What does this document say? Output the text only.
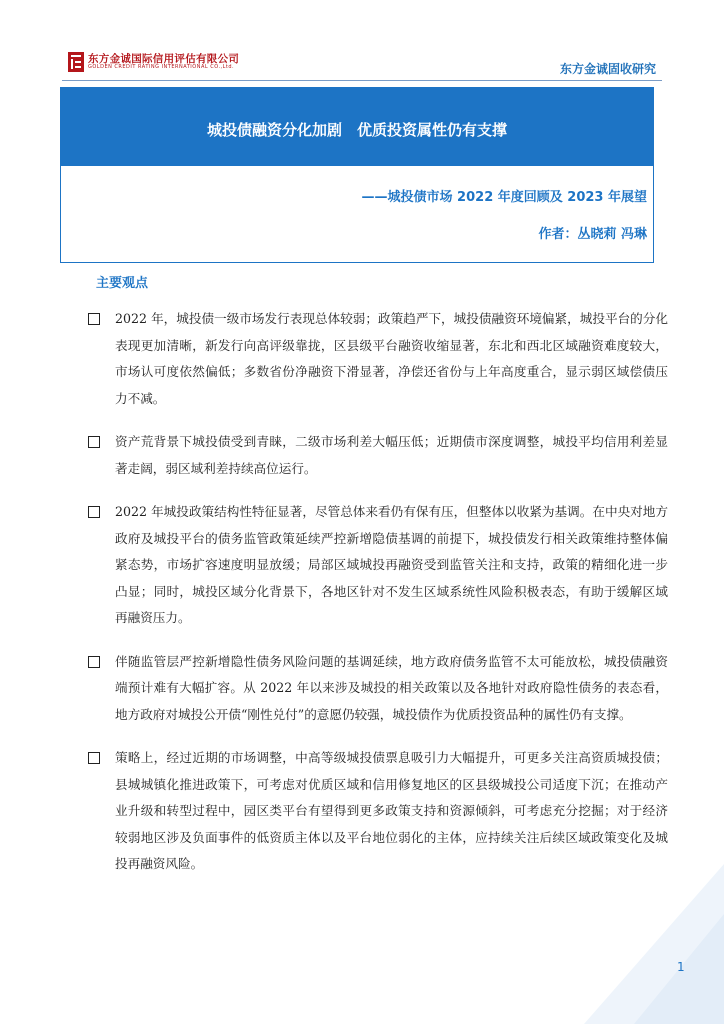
东方金诚国际信用评估有限公司
GOLDEN CREDIT RATING INTERNATIONAL CO.,Ltd.	东方金诚固收研究
城投债融资分化加剧　优质投资属性仍有支撑
——城投债市场 2022 年度回顾及 2023 年展望
作者：丛晓莉 冯琳
主要观点
2022 年，城投债一级市场发行表现总体较弱；政策趋严下，城投债融资环境偏紧，城投平台的分化表现更加清晰，新发行向高评级靠拢，区县级平台融资收缩显著，东北和西北区域融资难度较大，市场认可度依然偏低；多数省份净融资下滑显著，净偿还省份与上年高度重合，显示弱区域偿债压力不减。
资产荒背景下城投债受到青睐，二级市场利差大幅压低；近期债市深度调整，城投平均信用利差显著走阔，弱区域利差持续高位运行。
2022 年城投政策结构性特征显著，尽管总体来看仍有保有压，但整体以收紧为基调。在中央对地方政府及城投平台的债务监管政策延续严控新增隐债基调的前提下，城投债发行相关政策维持整体偏紧态势，市场扩容速度明显放缓；局部区域城投再融资受到监管关注和支持，政策的精细化进一步凸显；同时，城投区域分化背景下，各地区针对不发生区域系统性风险积极表态，有助于缓解区域再融资压力。
伴随监管层严控新增隐性债务风险问题的基调延续，地方政府债务监管不太可能放松，城投债融资端预计难有大幅扩容。从 2022 年以来涉及城投的相关政策以及各地针对政府隐性债务的表态看，地方政府对城投公开债“刚性兑付”的意愿仍较强，城投债作为优质投资品种的属性仍有支撑。
策略上，经过近期的市场调整，中高等级城投债票息吸引力大幅提升，可更多关注高资质城投债；县城城镇化推进政策下，可考虑对优质区域和信用修复地区的区县级城投公司适度下沉；在推动产业升级和转型过程中，园区类平台有望得到更多政策支持和资源倾斜，可考虑充分挖掘；对于经济较弱地区涉及负面事件的低资质主体以及平台地位弱化的主体，应持续关注后续区域政策变化及城投再融资风险。
1
